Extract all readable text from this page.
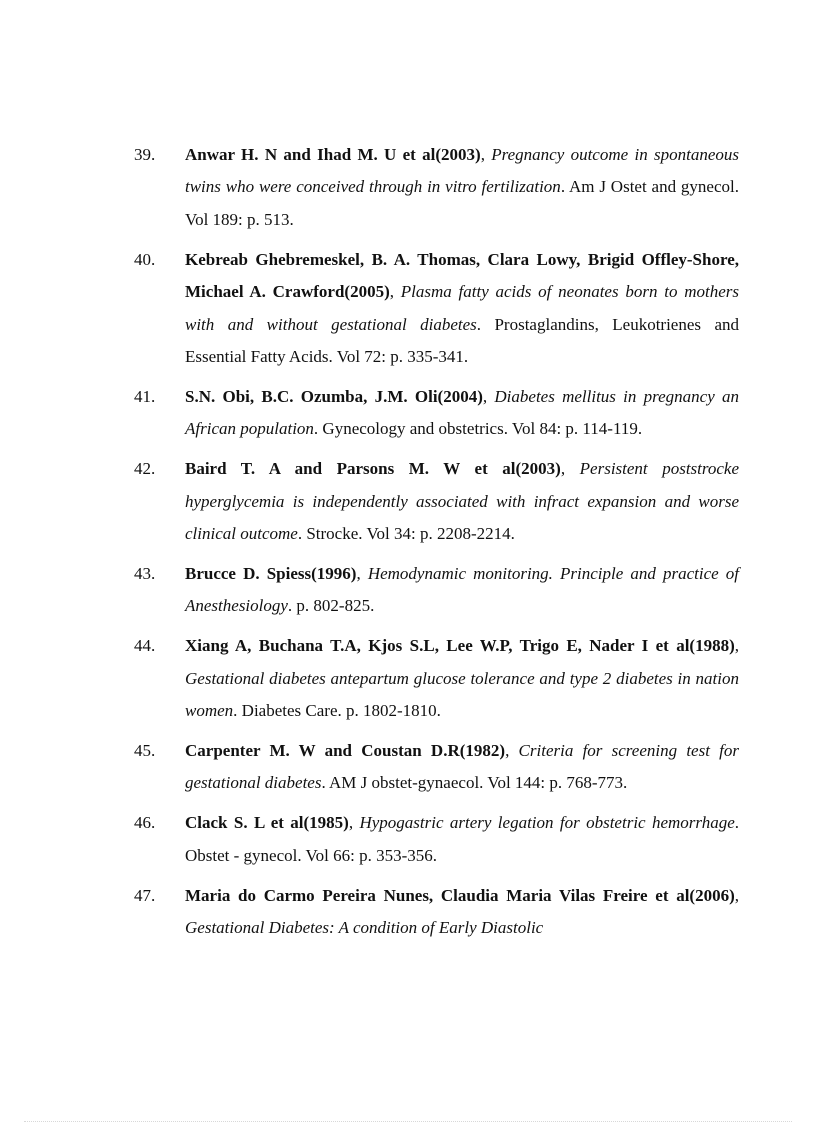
39. Anwar H. N and Ihad M. U et al(2003), Pregnancy outcome in spontaneous twins who were conceived through in vitro fertilization. Am J Ostet and gynecol. Vol 189: p. 513.
40. Kebreab Ghebremeskel, B. A. Thomas, Clara Lowy, Brigid Offley-Shore, Michael A. Crawford(2005), Plasma fatty acids of neonates born to mothers with and without gestational diabetes. Prostaglandins, Leukotrienes and Essential Fatty Acids. Vol 72: p. 335-341.
41. S.N. Obi, B.C. Ozumba, J.M. Oli(2004), Diabetes mellitus in pregnancy an African population. Gynecology and obstetrics. Vol 84: p. 114-119.
42. Baird T. A and Parsons M. W et al(2003), Persistent poststrocke hyperglycemia is independently associated with infract expansion and worse clinical outcome. Strocke. Vol 34: p. 2208-2214.
43. Brucce D. Spiess(1996), Hemodynamic monitoring. Principle and practice of Anesthesiology. p. 802-825.
44. Xiang A, Buchana T.A, Kjos S.L, Lee W.P, Trigo E, Nader I et al(1988), Gestational diabetes antepartum glucose tolerance and type 2 diabetes in nation women. Diabetes Care. p. 1802-1810.
45. Carpenter M. W and Coustan D.R(1982), Criteria for screening test for gestational diabetes. AM J obstet-gynaecol. Vol 144: p. 768-773.
46. Clack S. L et al(1985), Hypogastric artery legation for obstetric hemorrhage. Obstet - gynecol. Vol 66: p. 353-356.
47. Maria do Carmo Pereira Nunes, Claudia Maria Vilas Freire et al(2006), Gestational Diabetes: A condition of Early Diastolic
